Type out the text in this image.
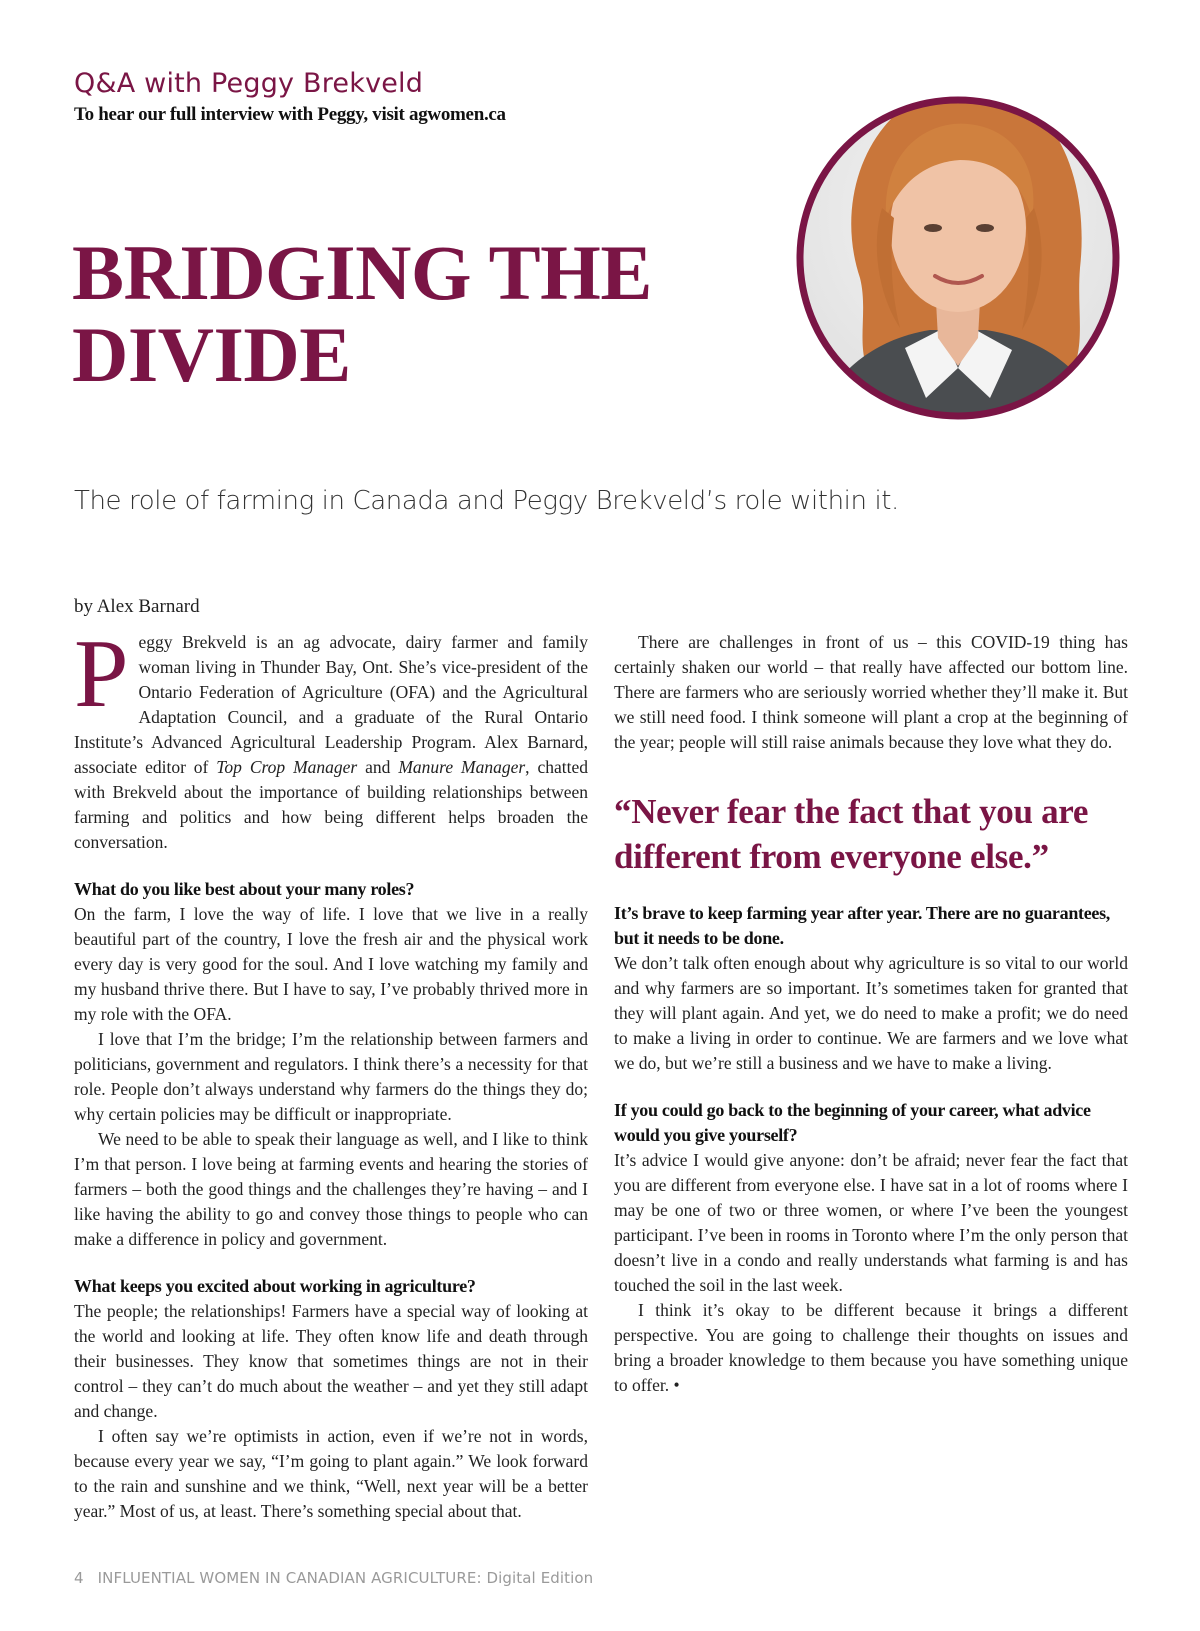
Q&A with Peggy Brekveld
To hear our full interview with Peggy, visit agwomen.ca
BRIDGING THE DIVIDE
The role of farming in Canada and Peggy Brekveld’s role within it.
by Alex Barnard

Peggy Brekveld is an ag advocate, dairy farmer and family woman living in Thunder Bay, Ont. She’s vice-president of the Ontario Federation of Agriculture (OFA) and the Agricultural Adaptation Council, and a graduate of the Rural Ontario Institute’s Advanced Agricultural Leadership Program. Alex Barnard, associate editor of Top Crop Manager and Manure Manager, chatted with Brekveld about the importance of building relationships between farming and politics and how being different helps broaden the conversation.

What do you like best about your many roles?

On the farm, I love the way of life. I love that we live in a really beautiful part of the country, I love the fresh air and the physical work every day is very good for the soul. And I love watching my family and my husband thrive there. But I have to say, I’ve probably thrived more in my role with the OFA.

I love that I’m the bridge; I’m the relationship between farmers and politicians, government and regulators. I think there’s a necessity for that role. People don’t always understand why farmers do the things they do; why certain policies may be difficult or inappropriate.

We need to be able to speak their language as well, and I like to think I’m that person. I love being at farming events and hearing the stories of farmers – both the good things and the challenges they’re having – and I like having the ability to go and convey those things to people who can make a difference in policy and government.

What keeps you excited about working in agriculture?

The people; the relationships! Farmers have a special way of looking at the world and looking at life. They often know life and death through their businesses. They know that sometimes things are not in their control – they can’t do much about the weather – and yet they still adapt and change.

I often say we’re optimists in action, even if we’re not in words, because every year we say, “I’m going to plant again.” We look forward to the rain and sunshine and we think, “Well, next year will be a better year.” Most of us, at least. There’s something special about that.

There are challenges in front of us – this COVID-19 thing has certainly shaken our world – that really have affected our bottom line. There are farmers who are seriously worried whether they’ll make it. But we still need food. I think someone will plant a crop at the beginning of the year; people will still raise animals because they love what they do.

“Never fear the fact that you are different from everyone else.”
It’s brave to keep farming year after year. There are no guarantees, but it needs to be done.

We don’t talk often enough about why agriculture is so vital to our world and why farmers are so important. It’s sometimes taken for granted that they will plant again. And yet, we do need to make a profit; we do need to make a living in order to continue. We are farmers and we love what we do, but we’re still a business and we have to make a living.

If you could go back to the beginning of your career, what advice would you give yourself?

It’s advice I would give anyone: don’t be afraid; never fear the fact that you are different from everyone else. I have sat in a lot of rooms where I may be one of two or three women, or where I’ve been the youngest participant. I’ve been in rooms in Toronto where I’m the only person that doesn’t live in a condo and really understands what farming is and has touched the soil in the last week.

I think it’s okay to be different because it brings a different perspective. You are going to challenge their thoughts on issues and bring a broader knowledge to them because you have something unique to offer. •

4 INFLUENTIAL WOMEN IN CANADIAN AGRICULTURE: Digital Edition
